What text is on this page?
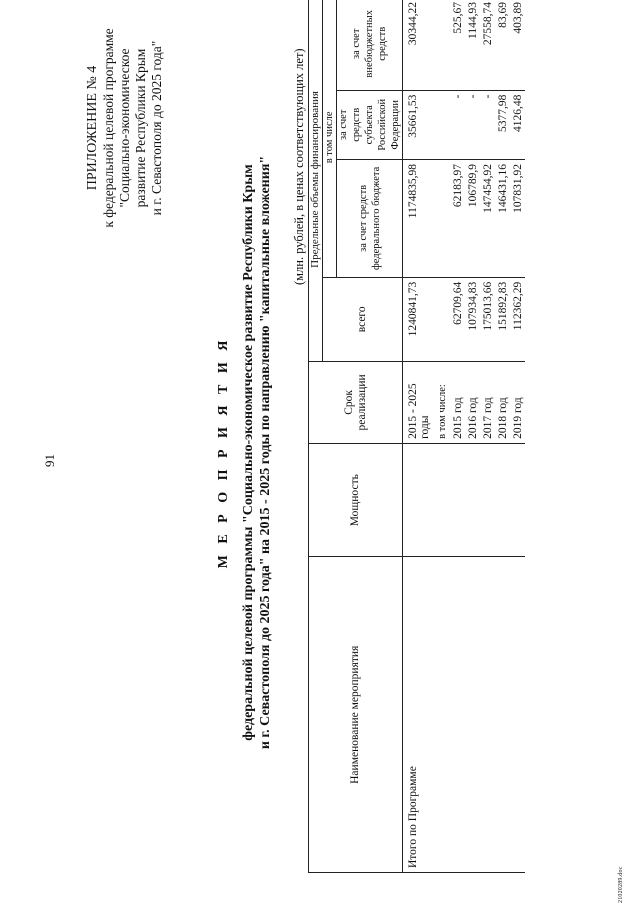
91
ПРИЛОЖЕНИЕ № 4 к федеральной целевой программе "Социально-экономическое развитие Республики Крым и г. Севастополя до 2025 года"
М Е Р О П Р И Я Т И Я федеральной целевой программы "Социально-экономическое развитие Республики Крым и г. Севастополя до 2025 года" на 2015 - 2025 годы по направлению "капитальные вложения" (млн. рублей, в ценах соответствующих лет)
Наименование мероприятия	Мощность	Срок реализации	Предельные объемы финансирования			
			всего	в том числе		
				за счет средств федерального бюджета	за счет средств субъекта Российской Федерации	за счет внебюджетных средств
Итого по Программе		2015 - 2025 годы	1240841,73	1174835,98	35661,53	30344,22
		в том числе:				
		2015 год	62709,64	62183,97	-	525,67
		2016 год	107934,83	106789,9	-	1144,93
		2017 год	175013,66	147454,92	-	27558,74
		2018 год	151892,83	146431,16	5377,98	83,69
		2019 год	112362,29	107831,92	4126,48	403,89
21020289.doc
